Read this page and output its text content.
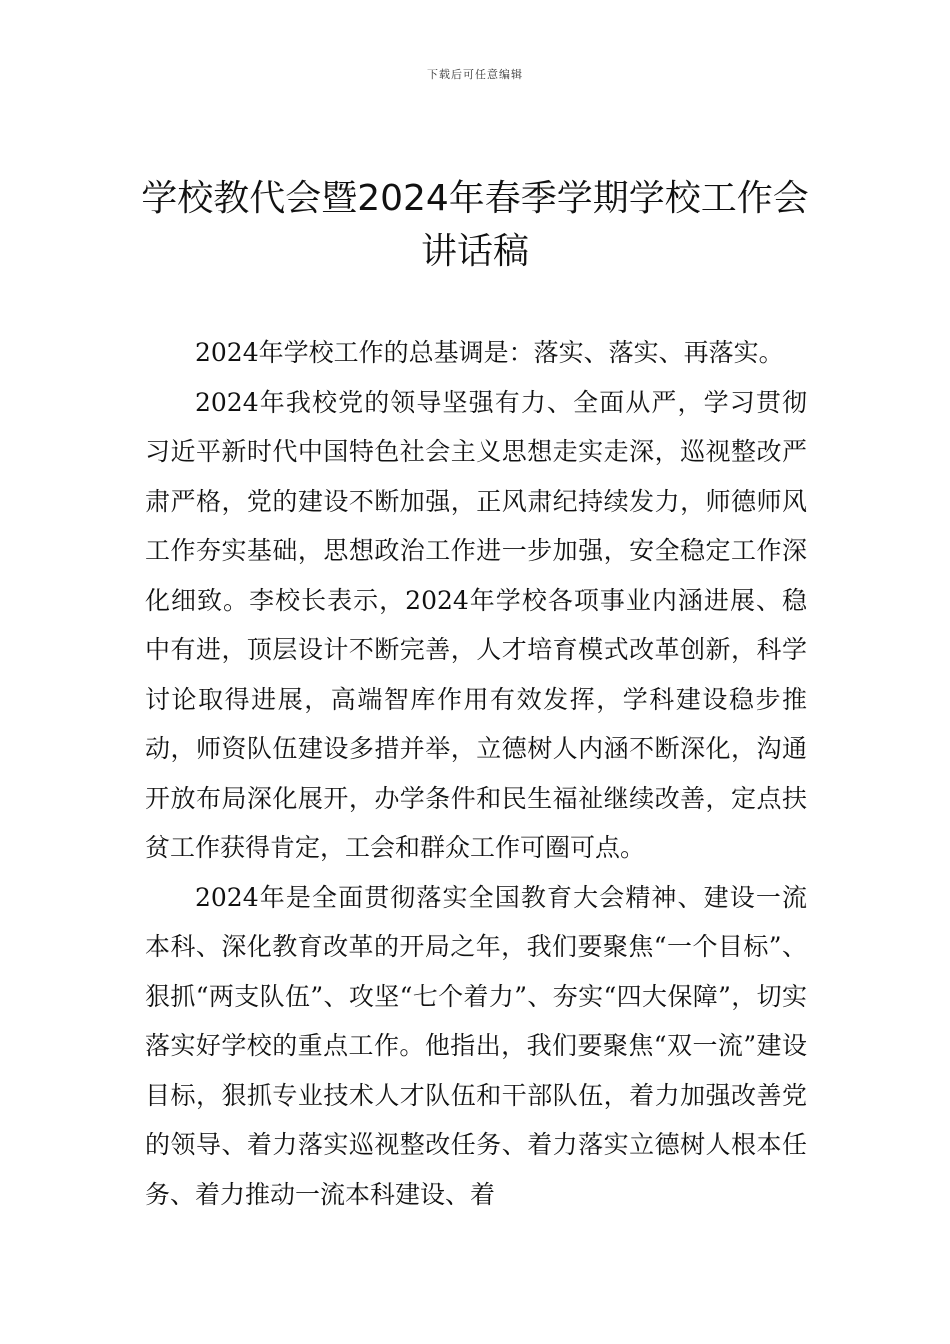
下载后可任意编辑
学校教代会暨2024年春季学期学校工作会讲话稿

2024年学校工作的总基调是：落实、落实、再落实。

2024年我校党的领导坚强有力、全面从严，学习贯彻习近平新时代中国特色社会主义思想走实走深，巡视整改严肃严格，党的建设不断加强，正风肃纪持续发力，师德师风工作夯实基础，思想政治工作进一步加强，安全稳定工作深化细致。李校长表示，2024年学校各项事业内涵进展、稳中有进，顶层设计不断完善，人才培育模式改革创新，科学讨论取得进展，高端智库作用有效发挥，学科建设稳步推动，师资队伍建设多措并举，立德树人内涵不断深化，沟通开放布局深化展开，办学条件和民生福祉继续改善，定点扶贫工作获得肯定，工会和群众工作可圈可点。

2024年是全面贯彻落实全国教育大会精神、建设一流本科、深化教育改革的开局之年，我们要聚焦“一个目标”、狠抓“两支队伍”、攻坚“七个着力”、夯实“四大保障”，切实落实好学校的重点工作。他指出，我们要聚焦“双一流”建设目标，狠抓专业技术人才队伍和干部队伍，着力加强改善党的领导、着力落实巡视整改任务、着力落实立德树人根本任务、着力推动一流本科建设、着
